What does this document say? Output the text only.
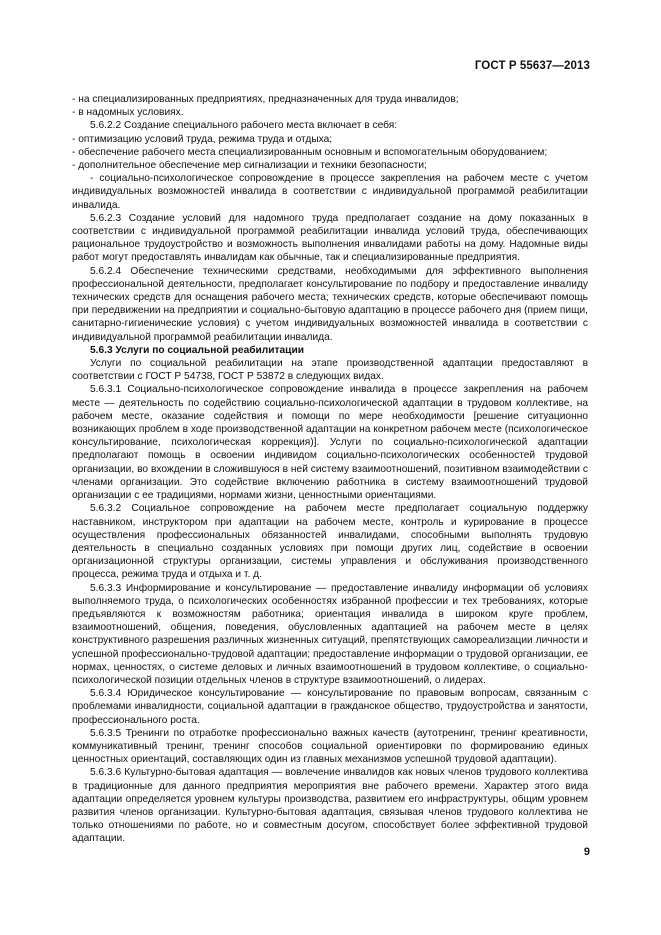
ГОСТ Р 55637—2013

- на специализированных предприятиях, предназначенных для труда инвалидов;

- в надомных условиях.

5.6.2.2 Создание специального рабочего места включает в себя:

- оптимизацию условий труда, режима труда и отдыха;

- обеспечение рабочего места специализированным основным и вспомогательным оборудованием;

- дополнительное обеспечение мер сигнализации и техники безопасности;

- социально-психологическое сопровождение в процессе закрепления на рабочем месте с учетом индивидуальных возможностей инвалида в соответствии с индивидуальной программой реабилитации инвалида.

5.6.2.3 Создание условий для надомного труда предполагает создание на дому показанных в соответствии с индивидуальной программой реабилитации инвалида условий труда, обеспечивающих рациональное трудоустройство и возможность выполнения инвалидами работы на дому. Надомные виды работ могут предоставлять инвалидам как обычные, так и специализированные предприятия.

5.6.2.4 Обеспечение техническими средствами, необходимыми для эффективного выполнения профессиональной деятельности, предполагает консультирование по подбору и предоставление инвалиду технических средств для оснащения рабочего места; технических средств, которые обеспечивают помощь при передвижении на предприятии и социально-бытовую адаптацию в процессе рабочего дня (прием пищи, санитарно-гигиенические условия) с учетом индивидуальных возможностей инвалида в соответствии с индивидуальной программой реабилитации инвалида.

5.6.3 Услуги по социальной реабилитации

Услуги по социальной реабилитации на этапе производственной адаптации предоставляют в соответствии с ГОСТ Р 54738, ГОСТ Р 53872 в следующих видах.

5.6.3.1 Социально-психологическое сопровождение инвалида в процессе закрепления на рабочем месте — деятельность по содействию социально-психологической адаптации в трудовом коллективе, на рабочем месте, оказание содействия и помощи по мере необходимости [решение ситуационно возникающих проблем в ходе производственной адаптации на конкретном рабочем месте (психологическое консультирование, психологическая коррекция)]. Услуги по социально-психологической адаптации предполагают помощь в освоении индивидом социально-психологических особенностей трудовой организации, во вхождении в сложившуюся в ней систему взаимоотношений, позитивном взаимодействии с членами организации. Это содействие включению работника в систему взаимоотношений трудовой организации с ее традициями, нормами жизни, ценностными ориентациями.

5.6.3.2 Социальное сопровождение на рабочем месте предполагает социальную поддержку наставником, инструктором при адаптации на рабочем месте, контроль и курирование в процессе осуществления профессиональных обязанностей инвалидами, способными выполнять трудовую деятельность в специально созданных условиях при помощи других лиц, содействие в освоении организационной структуры организации, системы управления и обслуживания производственного процесса, режима труда и отдыха и т. д.

5.6.3.3 Информирование и консультирование — предоставление инвалиду информации об условиях выполняемого труда, о психологических особенностях избранной профессии и тех требованиях, которые предъявляются к возможностям работника; ориентация инвалида в широком круге проблем, взаимоотношений, общения, поведения, обусловленных адаптацией на рабочем месте в целях конструктивного разрешения различных жизненных ситуаций, препятствующих самореализации личности и успешной профессионально-трудовой адаптации; предоставление информации о трудовой организации, ее нормах, ценностях, о системе деловых и личных взаимоотношений в трудовом коллективе, о социально-психологической позиции отдельных членов в структуре взаимоотношений, о лидерах.

5.6.3.4 Юридическое консультирование — консультирование по правовым вопросам, связанным с проблемами инвалидности, социальной адаптации в гражданское общество, трудоустройства и занятости, профессионального роста.

5.6.3.5 Тренинги по отработке профессионально важных качеств (аутотренинг, тренинг креативности, коммуникативный тренинг, тренинг способов социальной ориентировки по формированию единых ценностных ориентаций, составляющих один из главных механизмов успешной трудовой адаптации).

5.6.3.6 Культурно-бытовая адаптация — вовлечение инвалидов как новых членов трудового коллектива в традиционные для данного предприятия мероприятия вне рабочего времени. Характер этого вида адаптации определяется уровнем культуры производства, развитием его инфраструктуры, общим уровнем развития членов организации. Культурно-бытовая адаптация, связывая членов трудового коллектива не только отношениями по работе, но и совместным досугом, способствует более эффективной трудовой адаптации.

9
